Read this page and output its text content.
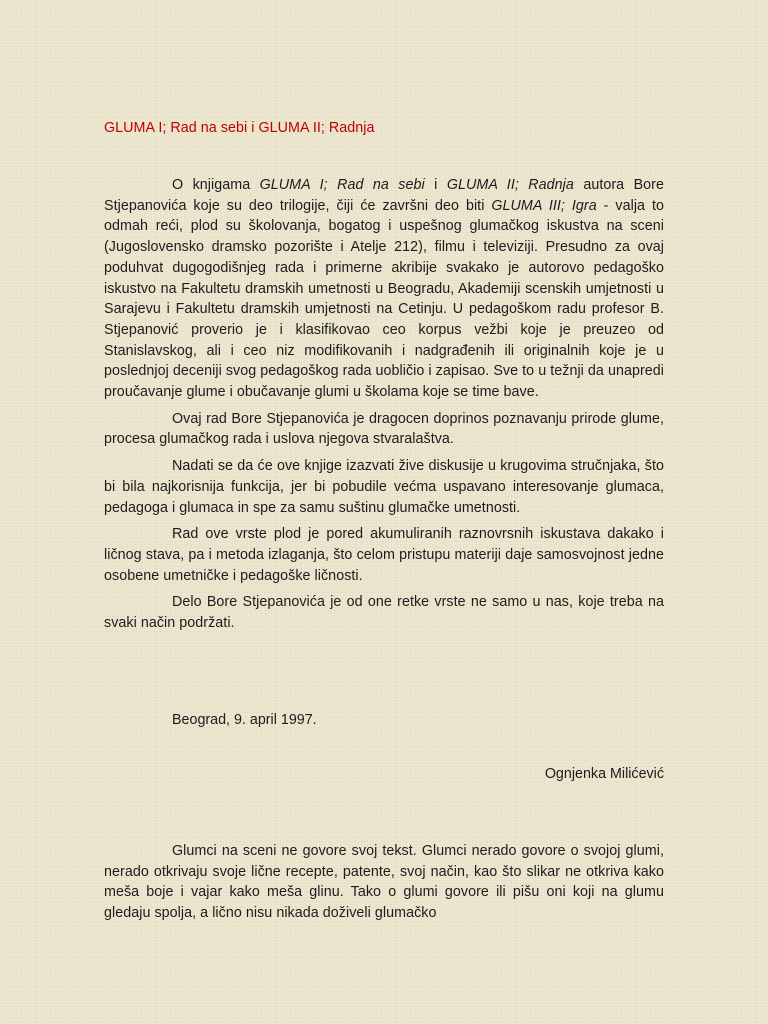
GLUMA I; Rad na sebi i GLUMA II; Radnja

O knjigama GLUMA I; Rad na sebi i GLUMA II; Radnja autora Bore Stjepanovića koje su deo trilogije, čiji će završni deo biti GLUMA III; Igra - valja to odmah reći, plod su školovanja, bogatog i uspešnog glumačkog iskustva na sceni (Jugoslovensko dramsko pozorište i Atelje 212), filmu i televiziji. Presudno za ovaj poduhvat dugogodišnjeg rada i primerne akribije svakako je autorovo pedagoško iskustvo na Fakultetu dramskih umetnosti u Beogradu, Akademiji scenskih umjetnosti u Sarajevu i Fakultetu dramskih umjetnosti na Cetinju. U pedagoškom radu profesor B. Stjepanović proverio je i klasifikovao ceo korpus vežbi koje je preuzeo od Stanislavskog, ali i ceo niz modifikovanih i nadgrađenih ili originalnih koje je u poslednjoj deceniji svog pedagoškog rada uobličio i zapisao. Sve to u težnji da unapredi proučavanje glume i obučavanje glumi u školama koje se time bave.

Ovaj rad Bore Stjepanovića je dragocen doprinos poznavanju prirode glume, procesa glumačkog rada i uslova njegova stvaralaštva.

Nadati se da će ove knjige izazvati žive diskusije u krugovima stručnjaka, što bi bila najkorisnija funkcija, jer bi pobudile većma uspavano interesovanje glumaca, pedagoga i glumaca in spe za samu suštinu glumačke umetnosti.

Rad ove vrste plod je pored akumuliranih raznovrsnih iskustava dakako i ličnog stava, pa i metoda izlaganja, što celom pristupu materiji daje samosvojnost jedne osobene umetničke i pedagoške ličnosti.

Delo Bore Stjepanovića je od one retke vrste ne samo u nas, koje treba na svaki način podržati.

Beograd, 9. april 1997.
Ognjenka Milićević

Glumci na sceni ne govore svoj tekst. Glumci nerado govore o svojoj glumi, nerado otkrivaju svoje lične recepte, patente, svoj način, kao što slikar ne otkriva kako meša boje i vajar kako meša glinu. Tako o glumi govore ili pišu oni koji na glumu gledaju spolja, a lično nisu nikada doživeli glumačko
